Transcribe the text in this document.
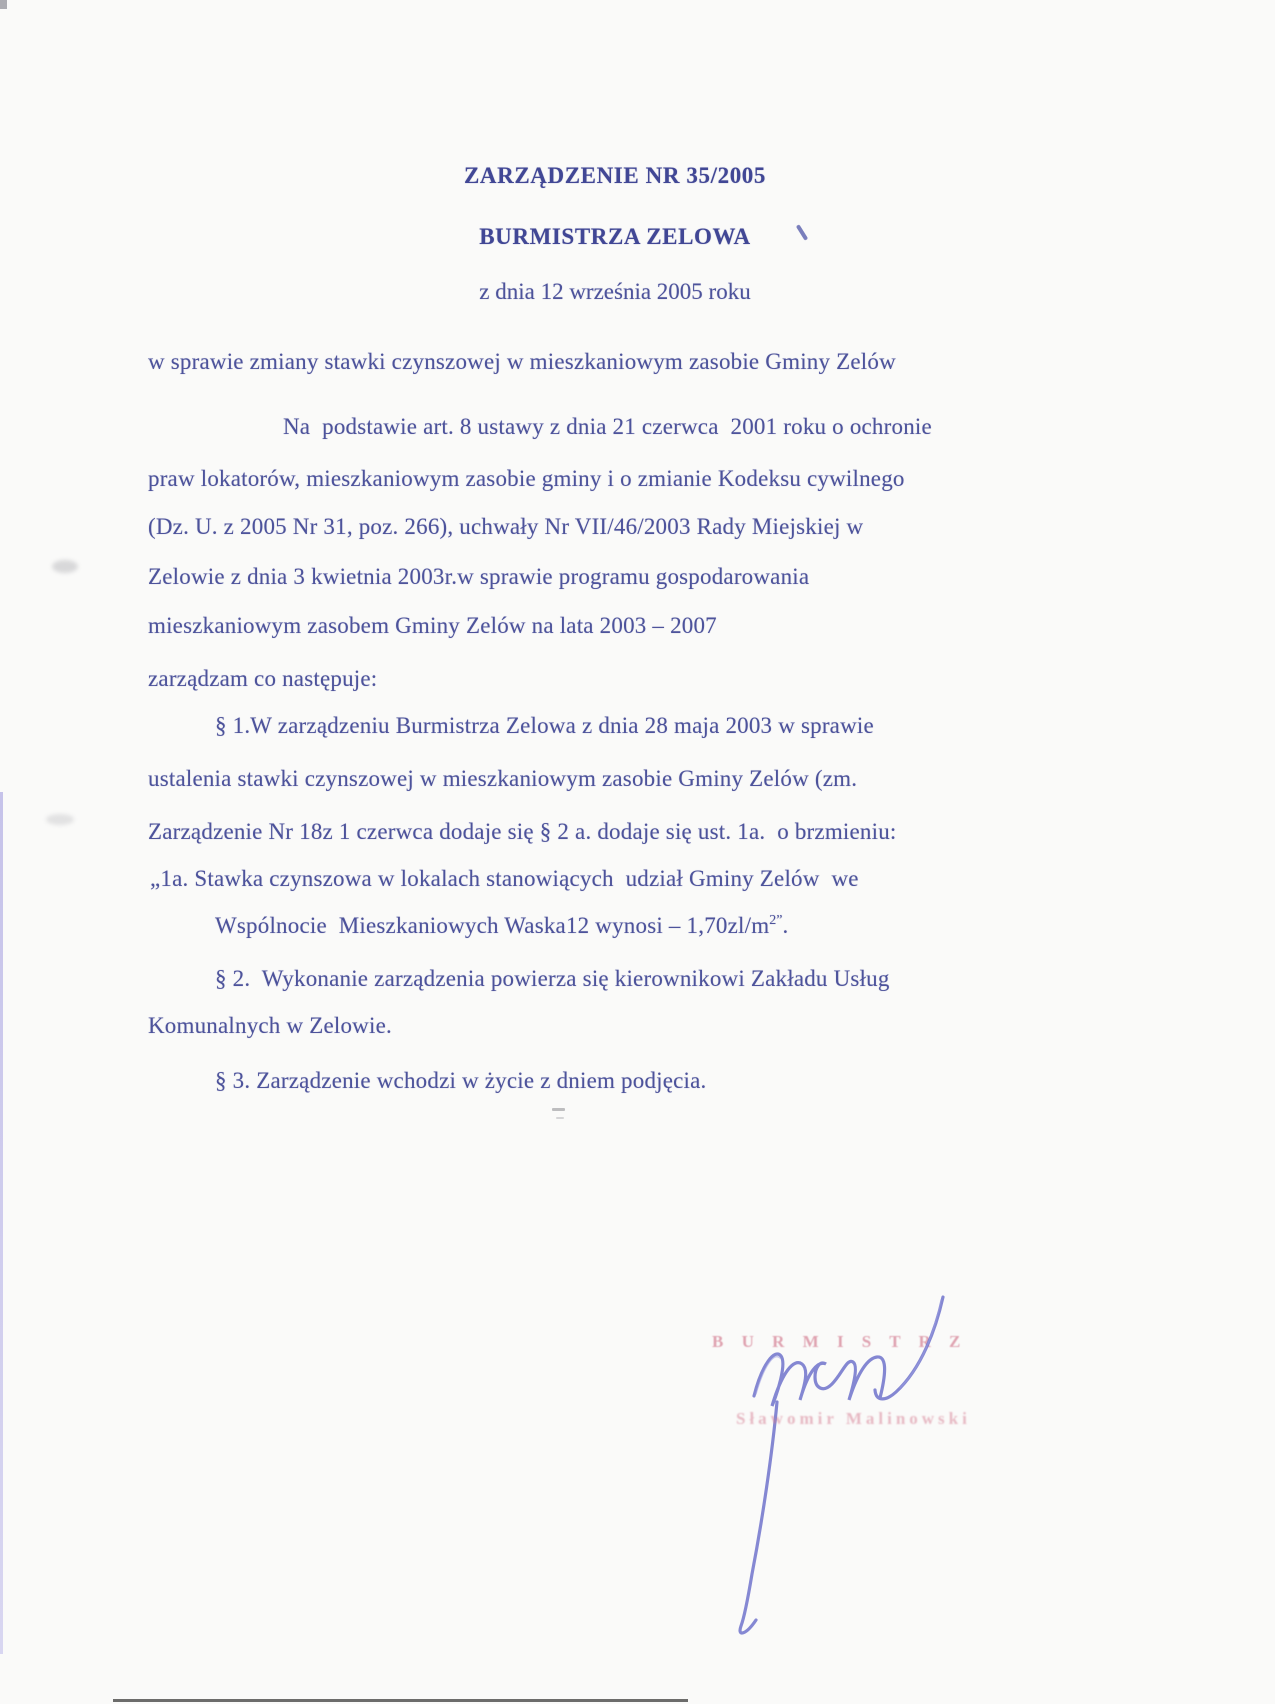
ZARZĄDZENIE NR 35/2005
BURMISTRZA ZELOWA
z dnia 12 września 2005 roku
w sprawie zmiany stawki czynszowej w mieszkaniowym zasobie Gminy Zelów
Na  podstawie art. 8 ustawy z dnia 21 czerwca  2001 roku o ochronie
praw lokatorów, mieszkaniowym zasobie gminy i o zmianie Kodeksu cywilnego
(Dz. U. z 2005 Nr 31, poz. 266), uchwały Nr VII/46/2003 Rady Miejskiej w
Zelowie z dnia 3 kwietnia 2003r.w sprawie programu gospodarowania
mieszkaniowym zasobem Gminy Zelów na lata 2003 – 2007
zarządzam co następuje:
§ 1.W zarządzeniu Burmistrza Zelowa z dnia 28 maja 2003 w sprawie
ustalenia stawki czynszowej w mieszkaniowym zasobie Gminy Zelów (zm.
Zarządzenie Nr 18z 1 czerwca dodaje się § 2 a. dodaje się ust. 1a.  o brzmieniu:
„1a. Stawka czynszowa w lokalach stanowiących  udział Gminy Zelów  we
Wspólnocie  Mieszkaniowych Waska12 wynosi – $1,70zl/m^{2”}$.
§ 2.  Wykonanie zarządzenia powierza się kierownikowi Zakładu Usług
Komunalnych w Zelowie.
§ 3. Zarządzenie wchodzi w życie z dniem podjęcia.
B U R M I S T R Z
Sławomir Malinowski
